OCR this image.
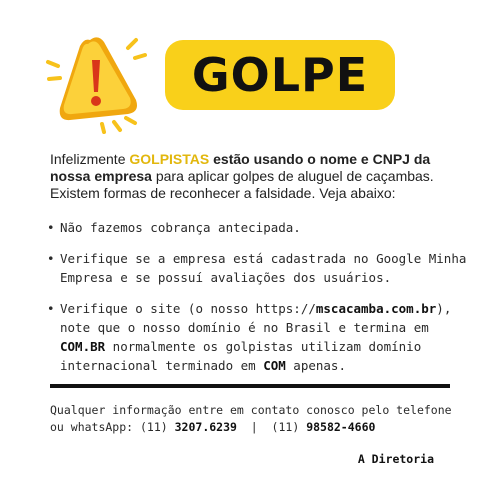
GOLPE
Infelizmente GOLPISTAS estão usando o nome e CNPJ da nossa empresa para aplicar golpes de aluguel de caçambas. Existem formas de reconhecer a falsidade. Veja abaixo:
• Não fazemos cobrança antecipada.
• Verifique se a empresa está cadastrada no Google Minha Empresa e se possuí avaliações dos usuários.
• Verifique o site (o nosso https://mscacamba.com.br), note que o nosso domínio é no Brasil e termina em COM.BR normalmente os golpistas utilizam domínio internacional terminado em COM apenas.
Qualquer informação entre em contato conosco pelo telefone ou whatsApp: (11) 3207.6239  |  (11) 98582-4660
A Diretoria
